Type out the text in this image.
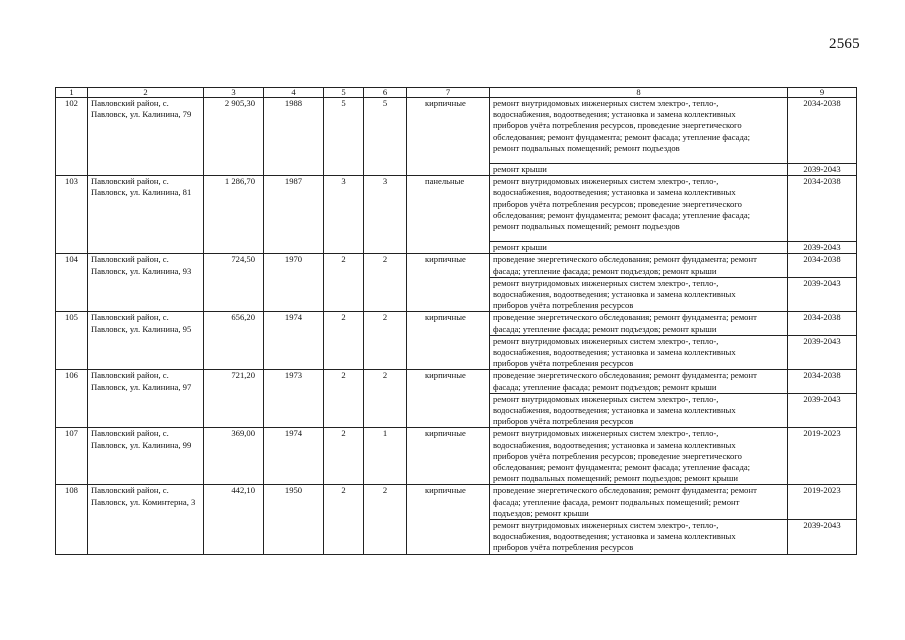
2565
1	2	3	4	5	6	7	8	9
102	Павловский район, с.
Павловск, ул. Калинина, 79	2 905,30	1988	5	5	кирпичные	ремонт внутридомовых инженерных систем электро-, тепло-,
водоснабжения, водоотведения; установка и замена коллективных
приборов учёта потребления ресурсов, проведение энергетического
обследования; ремонт фундамента; ремонт фасада; утепление фасада;
ремонт подвальных помещений; ремонт подъездов	2034-2038
							ремонт крыши	2039-2043
103	Павловский район, с.
Павловск, ул. Калинина, 81	1 286,70	1987	3	3	панельные	ремонт внутридомовых инженерных систем электро-, тепло-,
водоснабжения, водоотведения; установка и замена коллективных
приборов учёта потребления ресурсов; проведение энергетического
обследования; ремонт фундамента; ремонт фасада; утепление фасада;
ремонт подвальных помещений; ремонт подъездов	2034-2038
							ремонт крыши	2039-2043
104	Павловский район, с.
Павловск, ул. Калинина, 93	724,50	1970	2	2	кирпичные	проведение энергетического обследования; ремонт фундамента; ремонт
фасада; утепление фасада; ремонт подъездов; ремонт крыши	2034-2038
							ремонт внутридомовых инженерных систем электро-, тепло-,
водоснабжения, водоотведения; установка и замена коллективных
приборов учёта потребления ресурсов	2039-2043
105	Павловский район, с.
Павловск, ул. Калинина, 95	656,20	1974	2	2	кирпичные	проведение энергетического обследования; ремонт фундамента; ремонт
фасада; утепление фасада; ремонт подъездов; ремонт крыши	2034-2038
							ремонт внутридомовых инженерных систем электро-, тепло-,
водоснабжения, водоотведения; установка и замена коллективных
приборов учёта потребления ресурсов	2039-2043
106	Павловский район, с.
Павловск, ул. Калинина, 97	721,20	1973	2	2	кирпичные	проведение энергетического обследования; ремонт фундамента; ремонт
фасада; утепление фасада; ремонт подъездов; ремонт крыши	2034-2038
							ремонт внутридомовых инженерных систем электро-, тепло-,
водоснабжения, водоотведения; установка и замена коллективных
приборов учёта потребления ресурсов	2039-2043
107	Павловский район, с.
Павловск, ул. Калинина, 99	369,00	1974	2	1	кирпичные	ремонт внутридомовых инженерных систем электро-, тепло-,
водоснабжения, водоотведения; установка и замена коллективных
приборов учёта потребления ресурсов; проведение энергетического
обследования; ремонт фундамента; ремонт фасада; утепление фасада;
ремонт подвальных помещений; ремонт подъездов; ремонт крыши	2019-2023
108	Павловский район, с.
Павловск, ул. Коминтерна, 3	442,10	1950	2	2	кирпичные	проведение энергетического обследования; ремонт фундамента; ремонт
фасада; утепление фасада, ремонт подвальных помещений; ремонт
подъездов; ремонт крыши	2019-2023
							ремонт внутридомовых инженерных систем электро-, тепло-,
водоснабжения, водоотведения; установка и замена коллективных
приборов учёта потребления ресурсов	2039-2043
